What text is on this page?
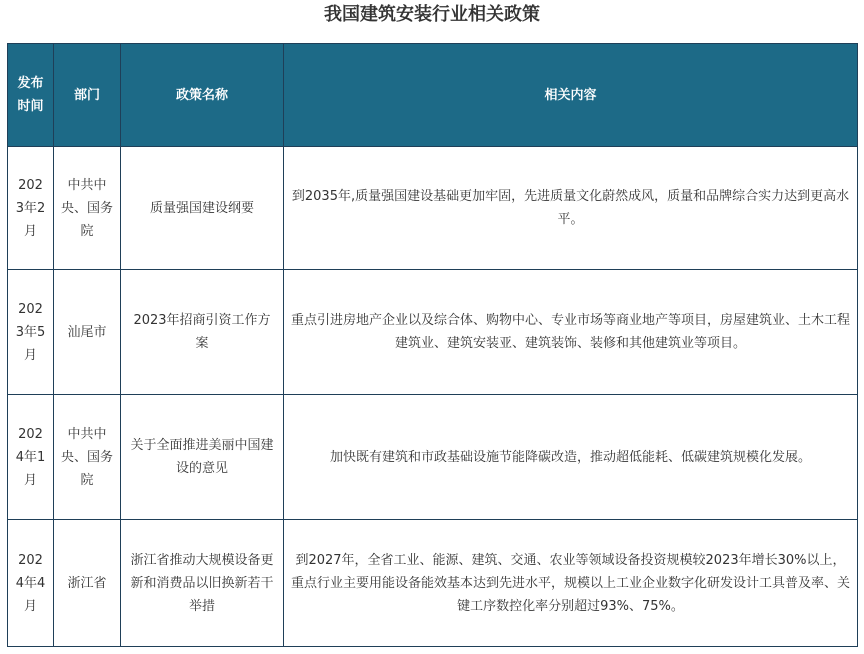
我国建筑安装行业相关政策
发布时间	部门	政策名称	相关内容
2023年2月	中共中央、国务院	质量强国建设纲要	到2035年,质量强国建设基础更加牢固，先进质量文化蔚然成风，质量和品牌综合实力达到更高水平。
2023年5月	汕尾市	2023年招商引资工作方案	重点引进房地产企业以及综合体、购物中心、专业市场等商业地产等项目，房屋建筑业、土木工程建筑业、建筑安装亚、建筑装饰、装修和其他建筑业等项目。
2024年1月	中共中央、国务院	关于全面推进美丽中国建设的意见	加快既有建筑和市政基础设施节能降碳改造，推动超低能耗、低碳建筑规模化发展。
2024年4月	浙江省	浙江省推动大规模设备更新和消费品以旧换新若干举措	到2027年，全省工业、能源、建筑、交通、农业等领域设备投资规模较2023年增长30%以上，重点行业主要用能设备能效基本达到先进水平，规模以上工业企业数字化研发设计工具普及率、关键工序数控化率分别超过93%、75%。
